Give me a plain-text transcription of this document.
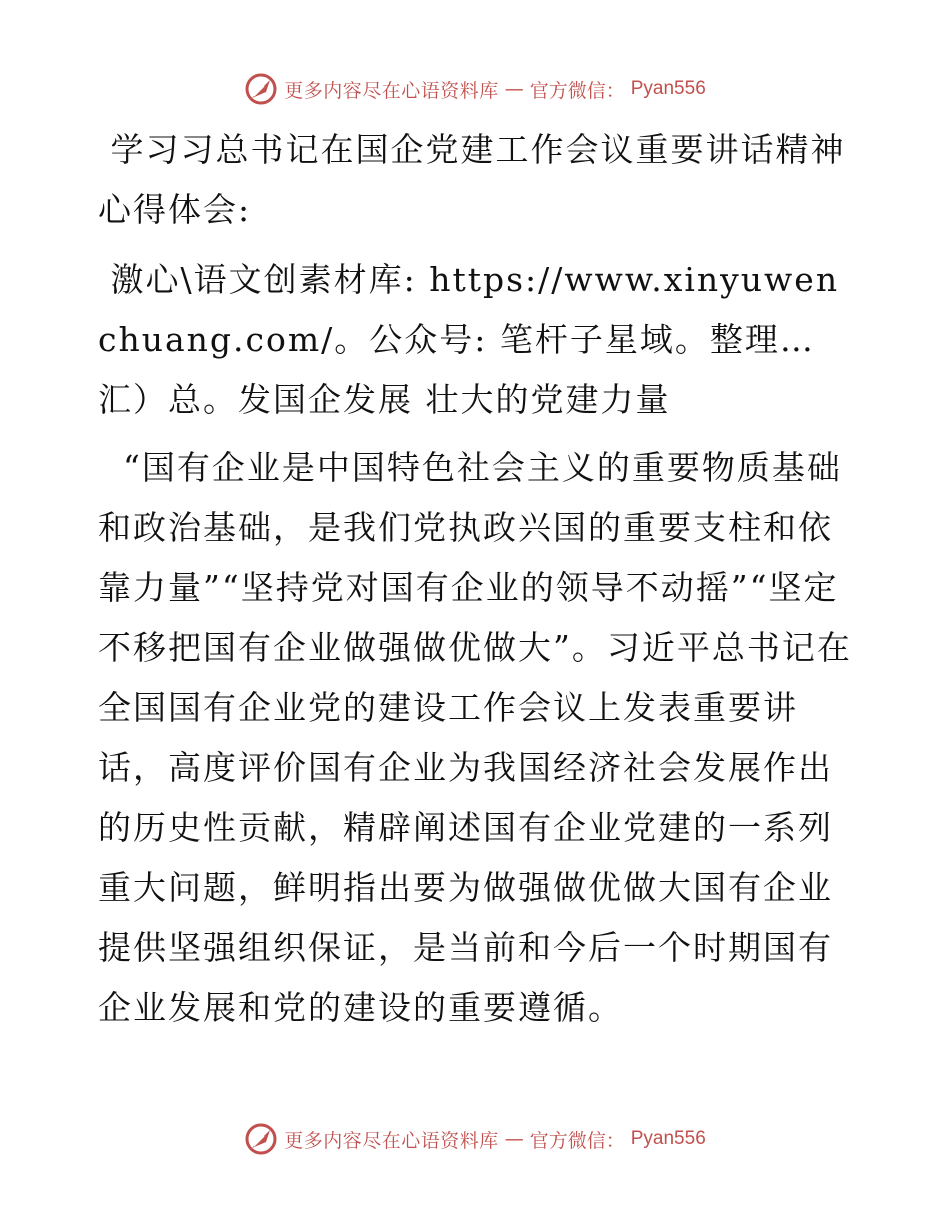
更多内容尽在心语资料库 — 官方微信： Pyan556

学习习总书记在国企党建工作会议重要讲话精神心得体会:

激心\语文创素材库: https://www.xinyuwenchuang.com/。公众号: 笔杆子星域。整理…汇）总。发国企发展 壮大的党建力量

“国有企业是中国特色社会主义的重要物质基础和政治基础，是我们党执政兴国的重要支柱和依靠力量”“坚持党对国有企业的领导不动摇”“坚定不移把国有企业做强做优做大”。习近平总书记在全国国有企业党的建设工作会议上发表重要讲话，高度评价国有企业为我国经济社会发展作出的历史性贡献，精辟阐述国有企业党建的一系列重大问题，鲜明指出要为做强做优做大国有企业提供坚强组织保证，是当前和今后一个时期国有企业发展和党的建设的重要遵循。

更多内容尽在心语资料库 — 官方微信： Pyan556
